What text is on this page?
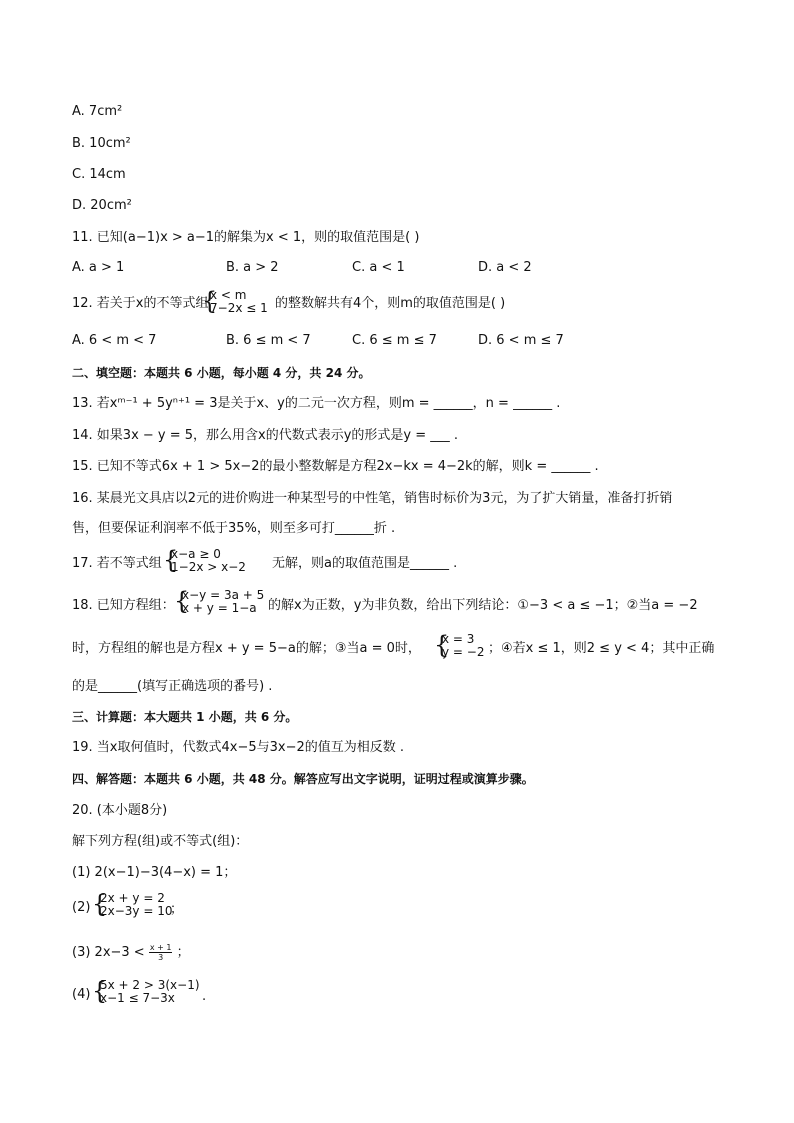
A. 7cm²
B. 10cm²
C. 14cm
D. 20cm²
11. 已知(a−1)x > a−1的解集为x < 1，则的取值范围是( )
A. a > 1	B. a > 2	C. a < 1	D. a < 2
12. 若关于x的不等式组
{
x < m
7−2x ≤ 1 的整数解共有4个，则m的取值范围是( )
A. 6 < m < 7	B. 6 ≤ m < 7	C. 6 ≤ m ≤ 7	D. 6 < m ≤ 7
二、填空题：本题共 6 小题，每小题 4 分，共 24 分。
13. 若xᵐ⁻¹ + 5yⁿ⁺¹ = 3是关于x、y的二元一次方程，则m = ______，n = ______ .
14. 如果3x − y = 5，那么用含x的代数式表示y的形式是y = ___ .
15. 已知不等式6x + 1 > 5x−2的最小整数解是方程2x−kx = 4−2k的解，则k = ______ .
16. 某晨光文具店以2元的进价购进一种某型号的中性笔，销售时标价为3元，为了扩大销量，准备打折销
售，但要保证利润率不低于35%，则至多可打______折 .
17. 若不等式组 {
x−a ≥ 0
1−2x > x−2 无解，则a的取值范围是______ .
18. 已知方程组： {
x−y = 3a + 5
x + y = 1−a 的解x为正数，y为非负数，给出下列结论：①−3 < a ≤ −1；②当a = −2
时，方程组的解也是方程x + y = 5−a的解；③当a = 0时， {
x = 3
y = −2 ；④若x ≤ 1，则2 ≤ y < 4；其中正确
的是______(填写正确选项的番号) .
三、计算题：本大题共 1 小题，共 6 分。
19. 当x取何值时，代数式4x−5与3x−2的值互为相反数 .
四、解答题：本题共 6 小题，共 48 分。解答应写出文字说明，证明过程或演算步骤。
20. (本小题8分)
解下列方程(组)或不等式(组)：
(1) 2(x−1)−3(4−x) = 1；
(2) {
2x + y = 2
2x−3y = 10
；
(3) $2x-3 < \frac{x + 1}{3}$ ；
(4) {
5x + 2 > 3(x−1)
x−1 ≤ 7−3x .
